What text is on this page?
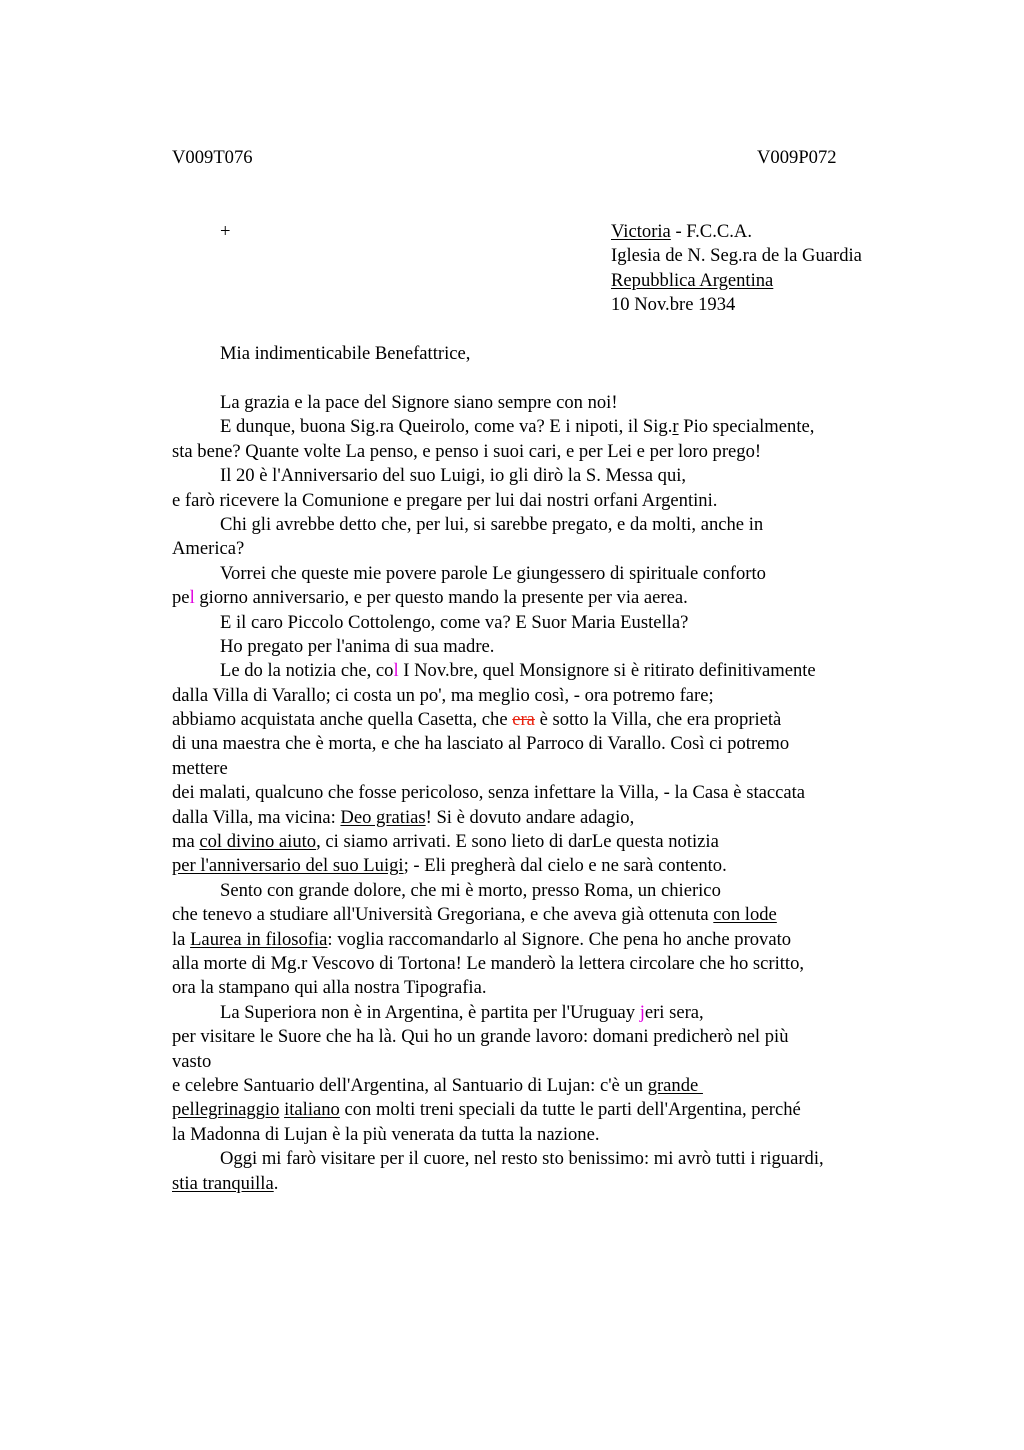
V009T076	V009P072
+	Victoria - F.C.C.A.
Iglesia de N. Seg.ra de la Guardia
Repubblica Argentina
10 Nov.bre 1934
Mia indimenticabile Benefattrice,
La grazia e la pace del Signore siano sempre con noi!
E dunque, buona Sig.ra Queirolo, come va? E i nipoti, il Sig.r Pio specialmente,
sta bene? Quante volte La penso, e penso i suoi cari, e per Lei e per loro prego!
Il 20 è l'Anniversario del suo Luigi, io gli dirò la S. Messa qui,
e farò ricevere la Comunione e pregare per lui dai nostri orfani Argentini.
Chi gli avrebbe detto che, per lui, si sarebbe pregato, e da molti, anche in
America?
Vorrei che queste mie povere parole Le giungessero di spirituale conforto
pel giorno anniversario, e per questo mando la presente per via aerea.
E il caro Piccolo Cottolengo, come va? E Suor Maria Eustella?
Ho pregato per l'anima di sua madre.
Le do la notizia che, col I Nov.bre, quel Monsignore si è ritirato definitivamente
dalla Villa di Varallo; ci costa un po', ma meglio così, - ora potremo fare;
abbiamo acquistata anche quella Casetta, che era è sotto la Villa, che era proprietà
di una maestra che è morta, e che ha lasciato al Parroco di Varallo. Così ci potremo
mettere
dei malati, qualcuno che fosse pericoloso, senza infettare la Villa, - la Casa è staccata
dalla Villa, ma vicina: Deo gratias! Si è dovuto andare adagio,
ma col divino aiuto, ci siamo arrivati. E sono lieto di darLe questa notizia
per l'anniversario del suo Luigi; - Eli pregherà dal cielo e ne sarà contento.
Sento con grande dolore, che mi è morto, presso Roma, un chierico
che tenevo a studiare all'Università Gregoriana, e che aveva già ottenuta con lode
la Laurea in filosofia: voglia raccomandarlo al Signore. Che pena ho anche provato
alla morte di Mg.r Vescovo di Tortona! Le manderò la lettera circolare che ho scritto,
ora la stampano qui alla nostra Tipografia.
La Superiora non è in Argentina, è partita per l'Uruguay jeri sera,
per visitare le Suore che ha là. Qui ho un grande lavoro: domani predicherò nel più
vasto
e celebre Santuario dell'Argentina, al Santuario di Lujan: c'è un grande
pellegrinaggio italiano con molti treni speciali da tutte le parti dell'Argentina, perché
la Madonna di Lujan è la più venerata da tutta la nazione.
Oggi mi farò visitare per il cuore, nel resto sto benissimo: mi avrò tutti i riguardi,
stia tranquilla.
